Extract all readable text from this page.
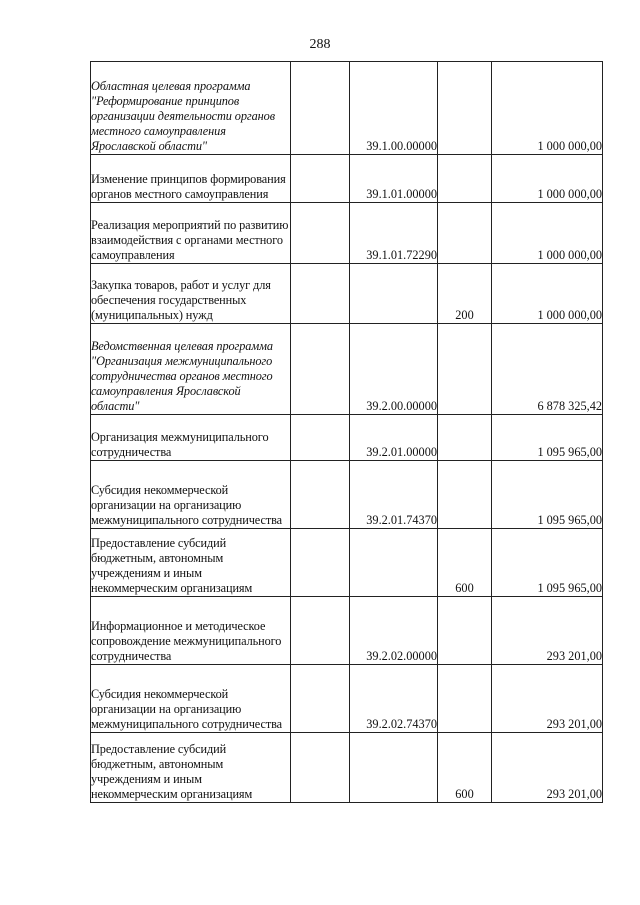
288
Областная целевая программа "Реформирование принципов организации деятельности органов местного самоуправления Ярославской области"		39.1.00.00000		1 000 000,00
Изменение принципов формирования органов местного самоуправления		39.1.01.00000		1 000 000,00
Реализация мероприятий по развитию взаимодействия с органами местного самоуправления		39.1.01.72290		1 000 000,00
Закупка товаров, работ и услуг для обеспечения государственных (муниципальных) нужд			200	1 000 000,00
Ведомственная целевая программа "Организация межмуниципального сотрудничества органов местного самоуправления Ярославской области"		39.2.00.00000		6 878 325,42
Организация межмуниципального сотрудничества		39.2.01.00000		1 095 965,00
Субсидия некоммерческой организации на организацию межмуниципального сотрудничества		39.2.01.74370		1 095 965,00
Предоставление субсидий бюджетным, автономным учреждениям и иным некоммерческим организациям			600	1 095 965,00
Информационное и методическое сопровождение межмуниципального сотрудничества		39.2.02.00000		293 201,00
Субсидия некоммерческой организации на организацию межмуниципального сотрудничества		39.2.02.74370		293 201,00
Предоставление субсидий бюджетным, автономным учреждениям и иным некоммерческим организациям			600	293 201,00
